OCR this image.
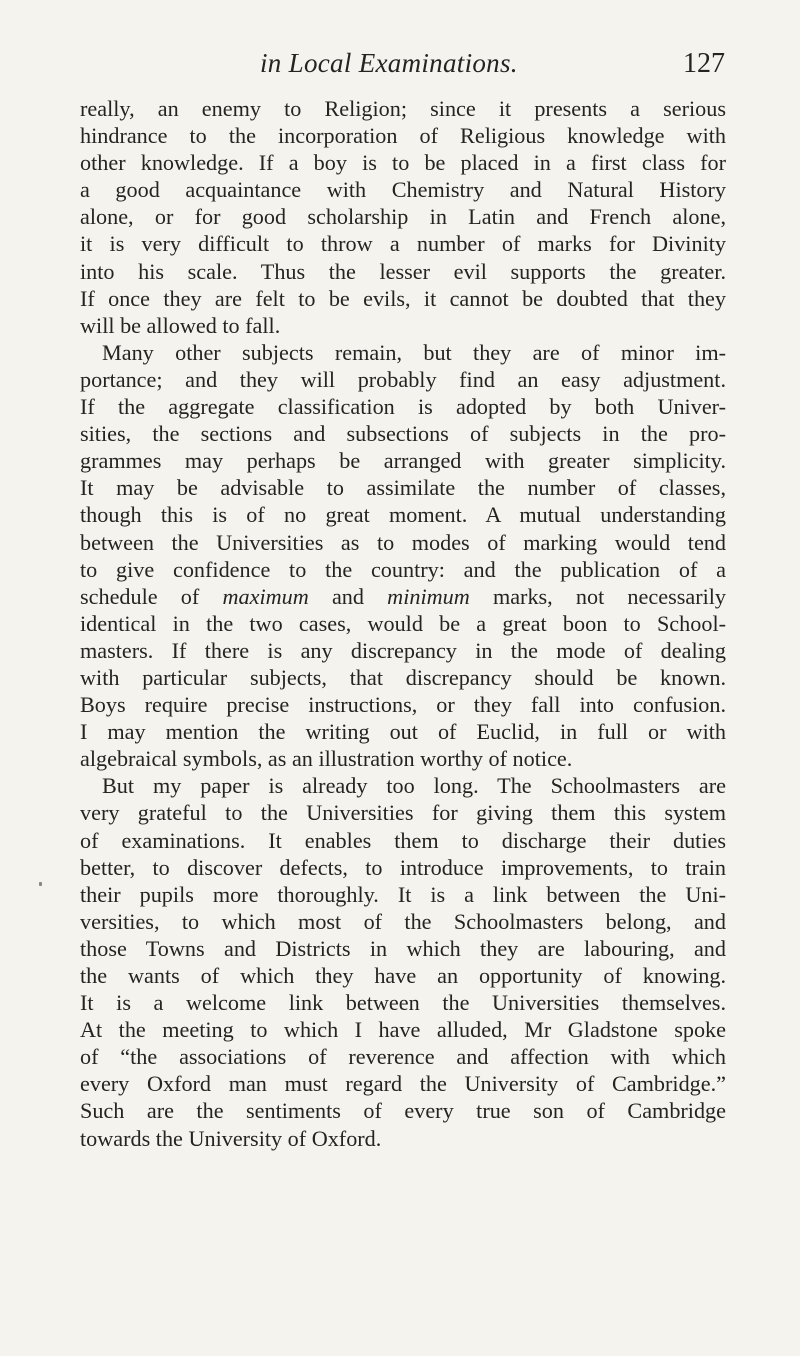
in Local Examinations.	127
really, an enemy to Religion; since it presents a serious
hindrance to the incorporation of Religious knowledge with
other knowledge. If a boy is to be placed in a first class for
a good acquaintance with Chemistry and Natural History
alone, or for good scholarship in Latin and French alone,
it is very difficult to throw a number of marks for Divinity
into his scale. Thus the lesser evil supports the greater.
If once they are felt to be evils, it cannot be doubted that they
will be allowed to fall.
Many other subjects remain, but they are of minor im-
portance; and they will probably find an easy adjustment.
If the aggregate classification is adopted by both Univer-
sities, the sections and subsections of subjects in the pro-
grammes may perhaps be arranged with greater simplicity.
It may be advisable to assimilate the number of classes,
though this is of no great moment. A mutual understanding
between the Universities as to modes of marking would tend
to give confidence to the country: and the publication of a
schedule of maximum and minimum marks, not necessarily
identical in the two cases, would be a great boon to School-
masters. If there is any discrepancy in the mode of dealing
with particular subjects, that discrepancy should be known.
Boys require precise instructions, or they fall into confusion.
I may mention the writing out of Euclid, in full or with
algebraical symbols, as an illustration worthy of notice.
But my paper is already too long. The Schoolmasters are
very grateful to the Universities for giving them this system
of examinations. It enables them to discharge their duties
better, to discover defects, to introduce improvements, to train
their pupils more thoroughly. It is a link between the Uni-
versities, to which most of the Schoolmasters belong, and
those Towns and Districts in which they are labouring, and
the wants of which they have an opportunity of knowing.
It is a welcome link between the Universities themselves.
At the meeting to which I have alluded, Mr Gladstone spoke
of “the associations of reverence and affection with which
every Oxford man must regard the University of Cambridge.”
Such are the sentiments of every true son of Cambridge
towards the University of Oxford.
